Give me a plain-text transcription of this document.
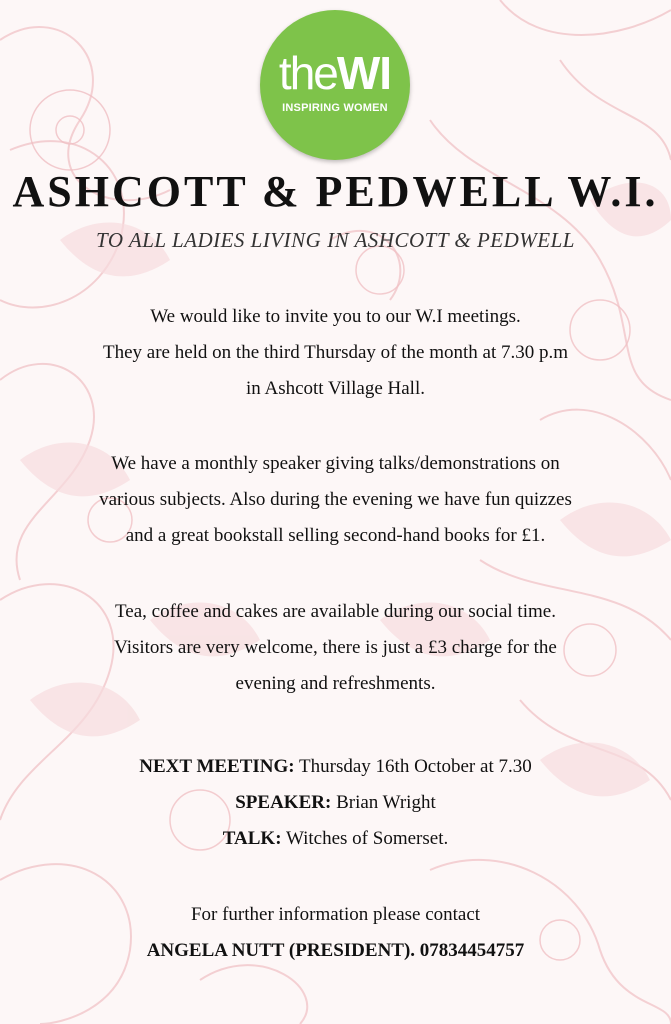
theWI
INSPIRING WOMEN
ASHCOTT & PEDWELL W.I.
TO ALL LADIES LIVING IN ASHCOTT & PEDWELL
We would like to invite you to our W.I meetings.
They are held on the third Thursday of the month at 7.30 p.m
in Ashcott Village Hall.
We have a monthly speaker giving talks/demonstrations on
various subjects. Also during the evening we have fun quizzes
and a great bookstall selling second-hand books for £1.
Tea, coffee and cakes are available during our social time.
Visitors are very welcome, there is just a £3 charge for the
evening and refreshments.
NEXT MEETING: Thursday 16th October at 7.30
SPEAKER: Brian Wright
TALK: Witches of Somerset.
For further information please contact
ANGELA NUTT (PRESIDENT). 07834454757
